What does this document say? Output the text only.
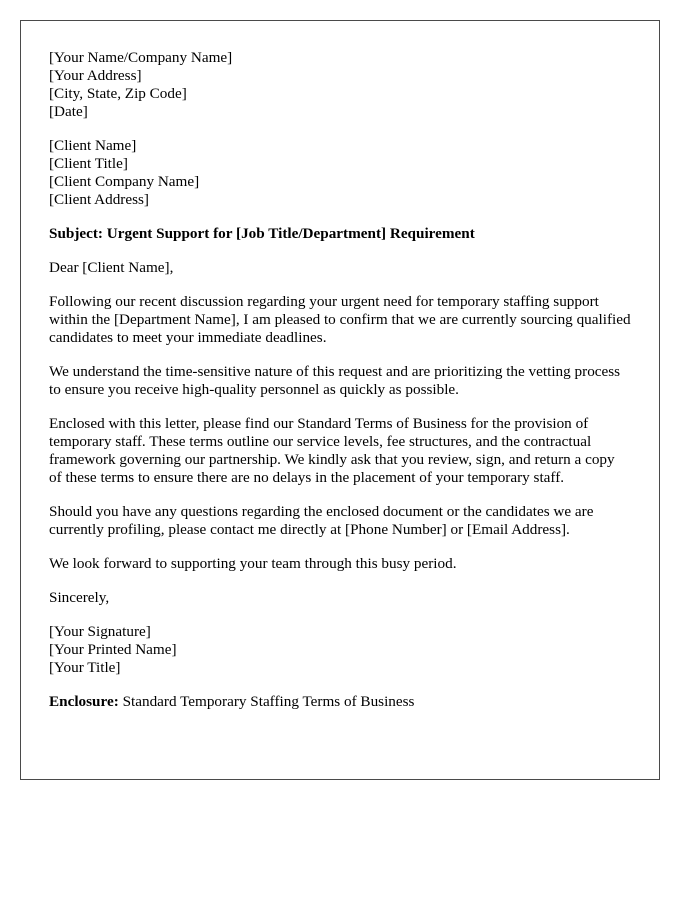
[Your Name/Company Name]
[Your Address]
[City, State, Zip Code]
[Date]
[Client Name]
[Client Title]
[Client Company Name]
[Client Address]

Subject: Urgent Support for [Job Title/Department] Requirement

Dear [Client Name],

Following our recent discussion regarding your urgent need for temporary staffing support within the [Department Name], I am pleased to confirm that we are currently sourcing qualified candidates to meet your immediate deadlines.

We understand the time-sensitive nature of this request and are prioritizing the vetting process to ensure you receive high-quality personnel as quickly as possible.

Enclosed with this letter, please find our Standard Terms of Business for the provision of temporary staff. These terms outline our service levels, fee structures, and the contractual framework governing our partnership. We kindly ask that you review, sign, and return a copy of these terms to ensure there are no delays in the placement of your temporary staff.

Should you have any questions regarding the enclosed document or the candidates we are currently profiling, please contact me directly at [Phone Number] or [Email Address].

We look forward to supporting your team through this busy period.

Sincerely,

[Your Signature]
[Your Printed Name]
[Your Title]

Enclosure: Standard Temporary Staffing Terms of Business
